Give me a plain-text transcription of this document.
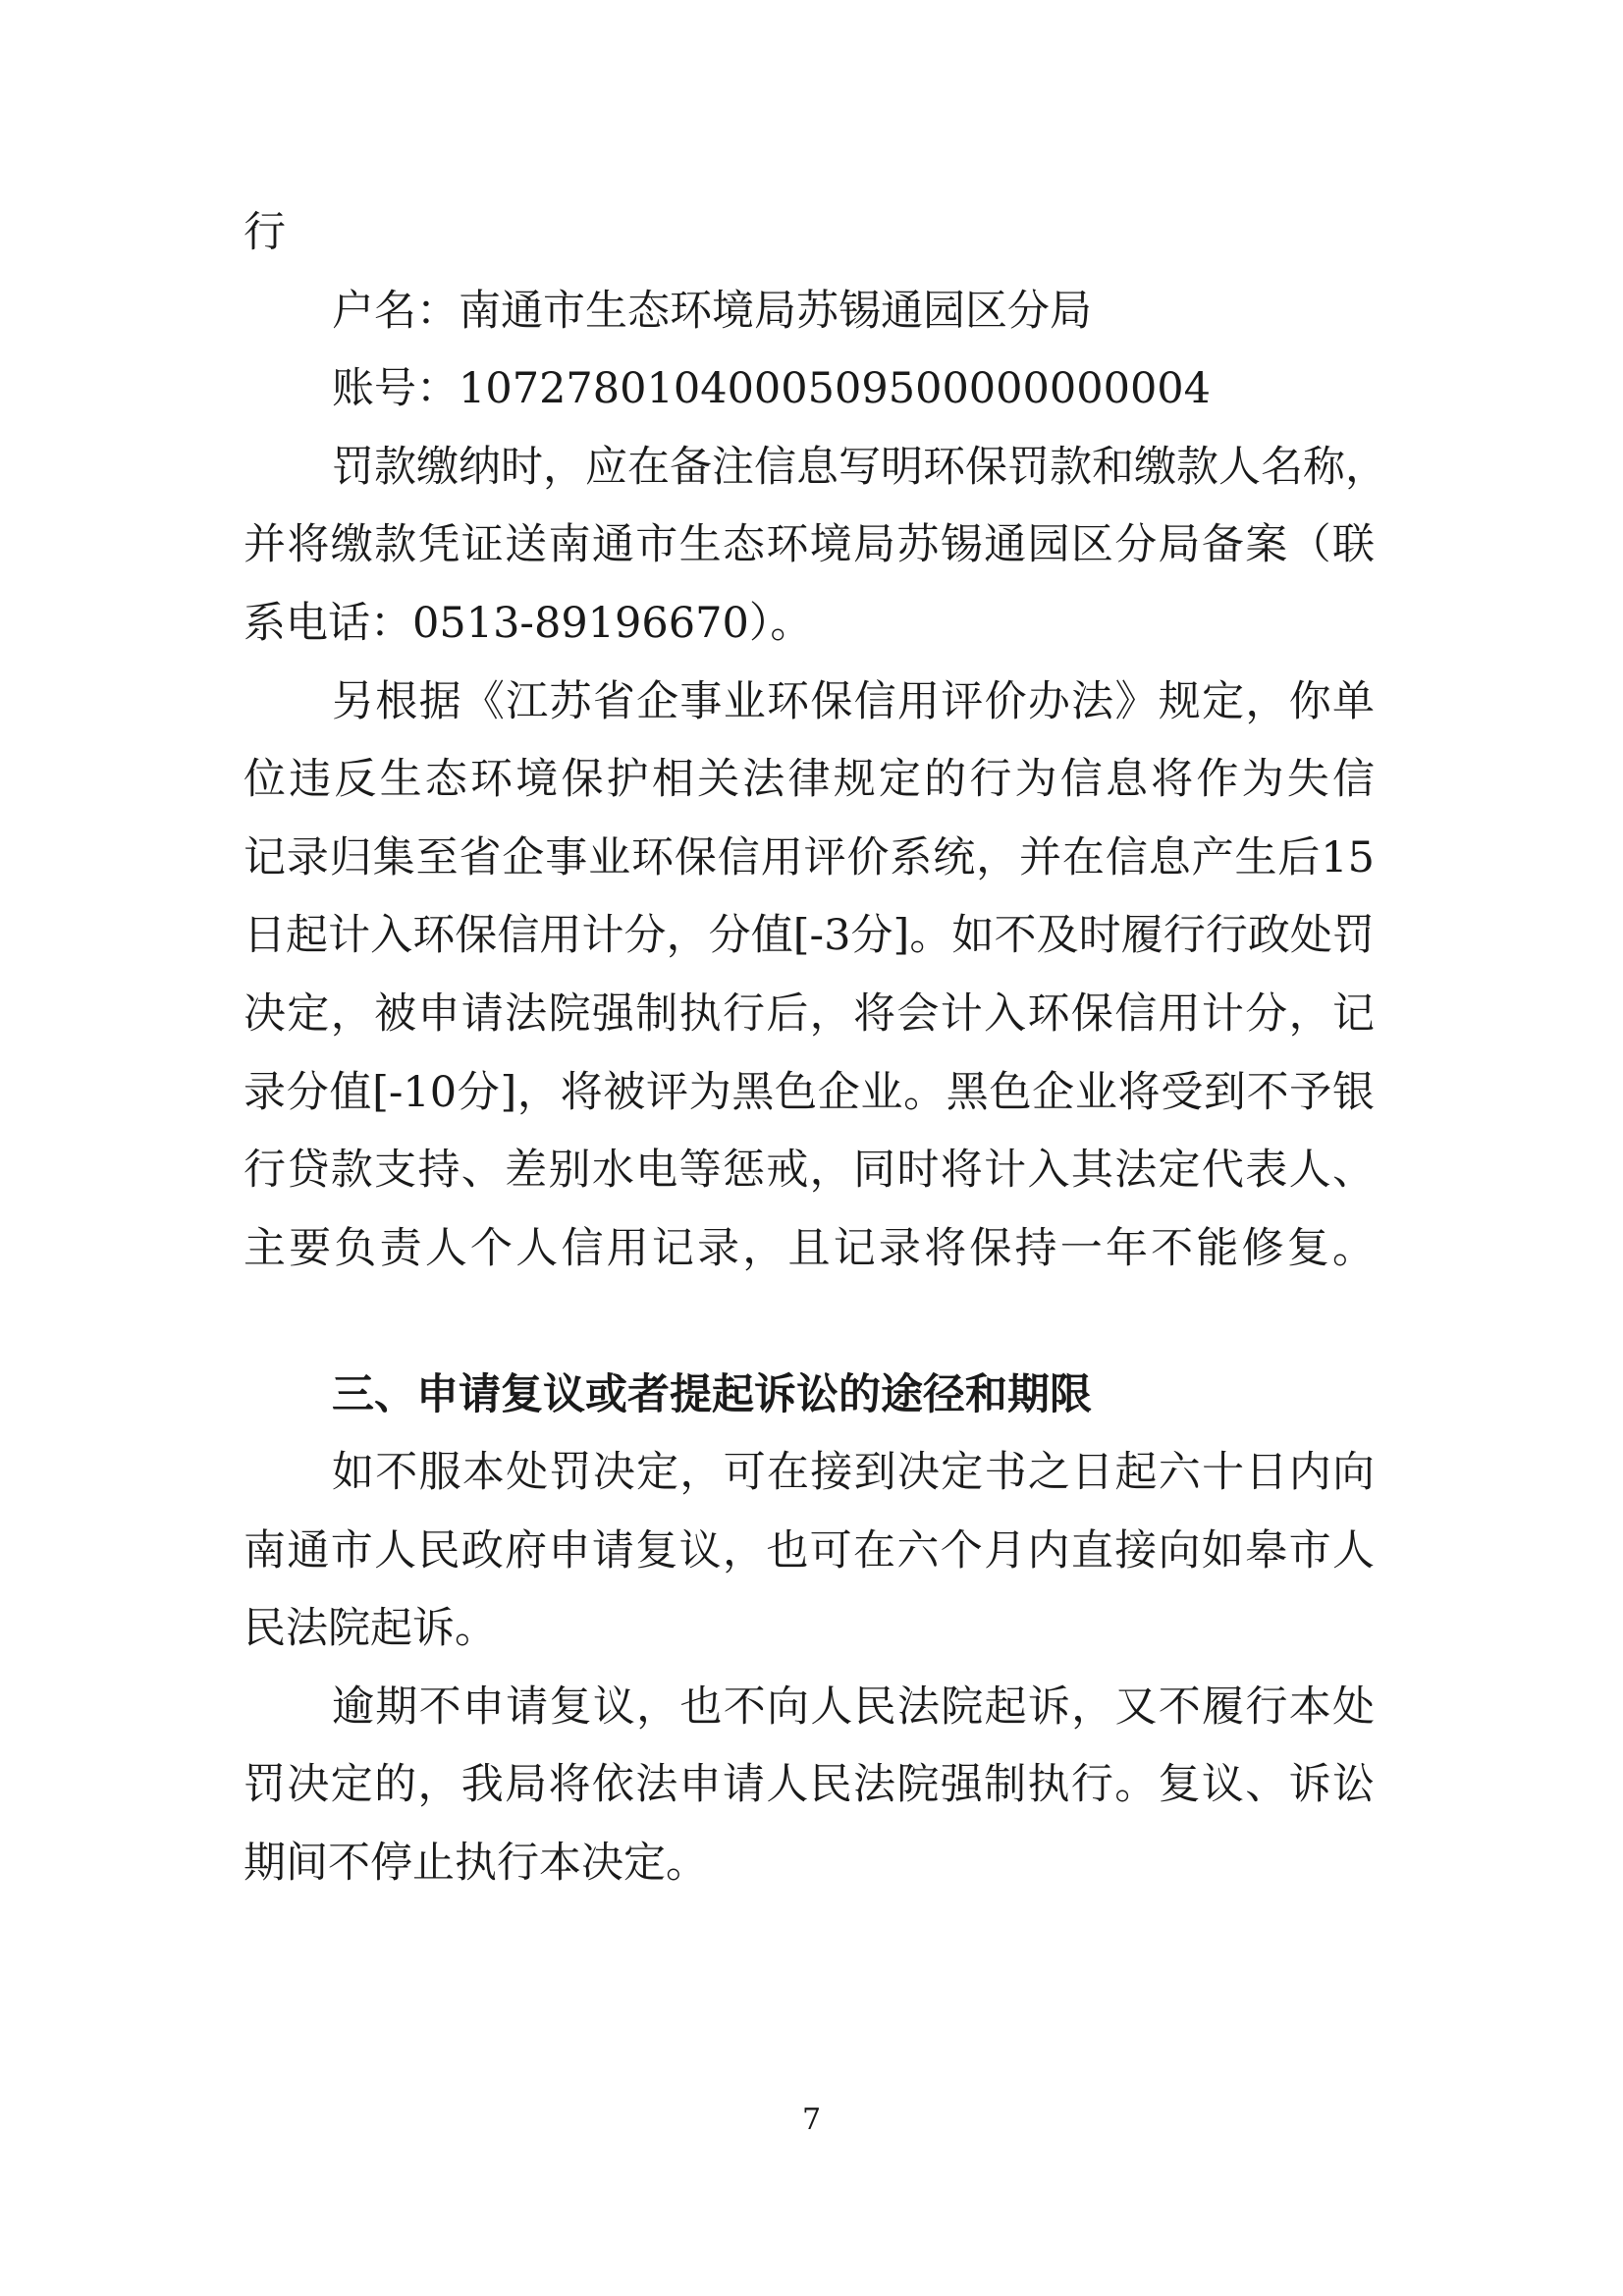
行
户名：南通市生态环境局苏锡通园区分局
账号：10727801040005095000000000​04
罚款缴纳时，应在备注信息写明环保罚款和缴款人名称，
并将缴款凭证送南通市生态环境局苏锡通园区分局备案（联
系电话：0513-89196670）。
另根据《江苏省企事业环保信用评价办法》规定，你单
位违反生态环境保护相关法律规定的行为信息将作为失信
记录归集至省企事业环保信用评价系统，并在信息产生后15
日起计入环保信用计分，分值[-3分]。如不及时履行行政处罚
决定，被申请法院强制执行后，将会计入环保信用计分，记
录分值[-10分]，将被评为黑色企业。黑色企业将受到不予银
行贷款支持、差别水电等惩戒，同时将计入其法定代表人、
主要负责人个人信用记录，且记录将保持一年不能修复。
三、申请复议或者提起诉讼的途径和期限
如不服本处罚决定，可在接到决定书之日起六十日内向
南通市人民政府申请复议，也可在六个月内直接向如皋市人
民法院起诉。
逾期不申请复议，也不向人民法院起诉，又不履行本处
罚决定的，我局将依法申请人民法院强制执行。复议、诉讼
期间不停止执行本决定。
7
